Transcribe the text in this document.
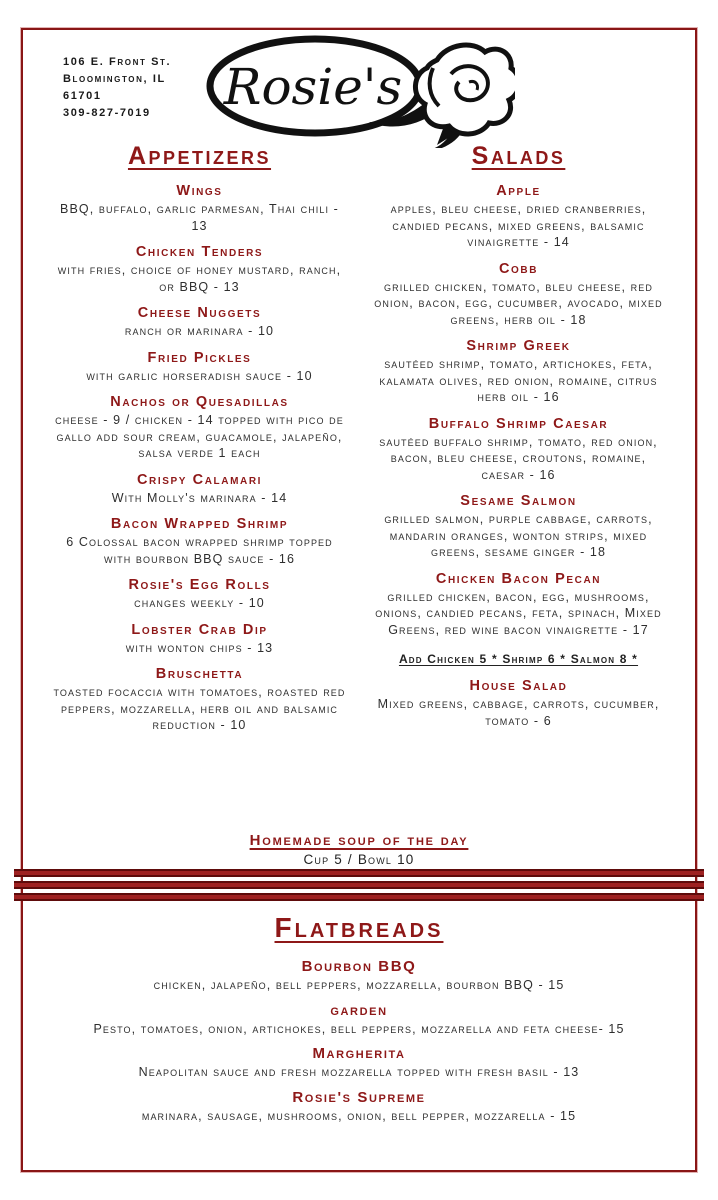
106 E. Front St.
Bloomington, IL
61701
309-827-7019	Rosie's
Appetizers
Wings
BBQ, buffalo, garlic parmesan, Thai chili - 13
Chicken Tenders
with fries, choice of honey mustard, ranch, or BBQ - 13
Cheese Nuggets
ranch or marinara - 10
Fried Pickles
with garlic horseradish sauce - 10
Nachos or Quesadillas
cheese - 9 / chicken - 14 topped with pico de gallo add sour cream, guacamole, jalapeño, salsa verde 1 each
Crispy Calamari
With Molly's marinara - 14
Bacon Wrapped Shrimp
6 Colossal bacon wrapped shrimp topped with bourbon BBQ sauce - 16
Rosie's Egg Rolls
changes weekly - 10
Lobster Crab Dip
with wonton chips - 13
Bruschetta
toasted focaccia with tomatoes, roasted red peppers, mozzarella, herb oil and balsamic reduction - 10
Salads
Apple
apples, bleu cheese, dried cranberries, candied pecans, mixed greens, balsamic vinaigrette - 14
Cobb
grilled chicken, tomato, bleu cheese, red onion, bacon, egg, cucumber, avocado, mixed greens, herb oil - 18
Shrimp Greek
sautéed shrimp, tomato, artichokes, feta, kalamata olives, red onion, romaine, citrus herb oil - 16
Buffalo Shrimp Caesar
sautéed buffalo shrimp, tomato, red onion, bacon, bleu cheese, croutons, romaine, caesar - 16
Sesame Salmon
grilled salmon, purple cabbage, carrots, mandarin oranges, wonton strips, mixed greens, sesame ginger - 18
Chicken Bacon Pecan
grilled chicken, bacon, egg, mushrooms, onions, candied pecans, feta, spinach, Mixed Greens, red wine bacon vinaigrette - 17
Add Chicken 5 * Shrimp 6 * Salmon 8 *
House Salad
Mixed greens, cabbage, carrots, cucumber, tomato - 6
Homemade soup of the day
Cup 5 / Bowl 10
Flatbreads
Bourbon BBQ
chicken, jalapeño, bell peppers, mozzarella, bourbon BBQ - 15
garden
Pesto, tomatoes, onion, artichokes, bell peppers, mozzarella and feta cheese- 15
Margherita
Neapolitan sauce and fresh mozzarella topped with fresh basil - 13
Rosie's Supreme
marinara, sausage, mushrooms, onion, bell pepper, mozzarella - 15
